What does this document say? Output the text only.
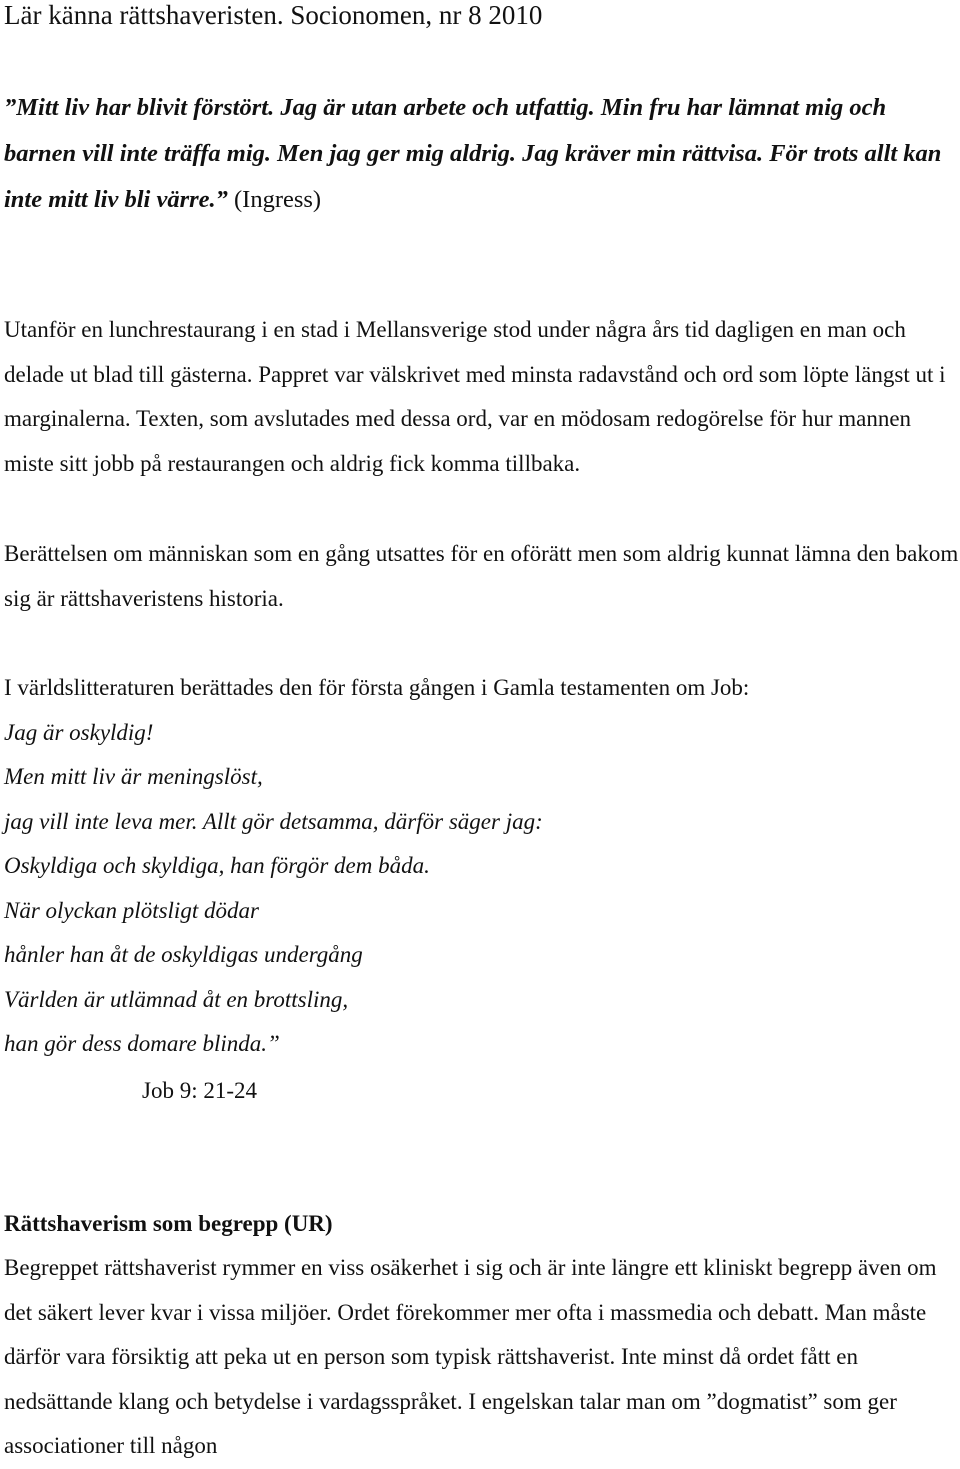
Lär känna rättshaveristen. Socionomen, nr 8 2010

”Mitt liv har blivit förstört. Jag är utan arbete och utfattig. Min fru har lämnat mig och barnen vill inte träffa mig. Men jag ger mig aldrig. Jag kräver min rättvisa. För trots allt kan inte mitt liv bli värre.” (Ingress)

Utanför en lunchrestaurang i en stad i Mellansverige stod under några års tid dagligen en man och delade ut blad till gästerna. Pappret var välskrivet med minsta radavstånd och ord som löpte längst ut i marginalerna. Texten, som avslutades med dessa ord, var en mödosam redogörelse för hur mannen miste sitt jobb på restaurangen och aldrig fick komma tillbaka.

Berättelsen om människan som en gång utsattes för en oförätt men som aldrig kunnat lämna den bakom sig är rättshaveristens historia.

I världslitteraturen berättades den för första gången i Gamla testamenten om Job:
Jag är oskyldig!
Men mitt liv är meningslöst,
jag vill inte leva mer. Allt gör detsamma, därför säger jag:
Oskyldiga och skyldiga, han förgör dem båda.
När olyckan plötsligt dödar
hånler han åt de oskyldigas undergång
Världen är utlämnad åt en brottsling,
han gör dess domare blinda.”

Job 9: 21-24

Rättshaverism som begrepp (UR)

Begreppet rättshaverist rymmer en viss osäkerhet i sig och är inte längre ett kliniskt begrepp även om det säkert lever kvar i vissa miljöer. Ordet förekommer mer ofta i massmedia och debatt. Man måste därför vara försiktig att peka ut en person som typisk rättshaverist. Inte minst då ordet fått en nedsättande klang och betydelse i vardagsspråket. I engelskan talar man om ”dogmatist” som ger associationer till någon
